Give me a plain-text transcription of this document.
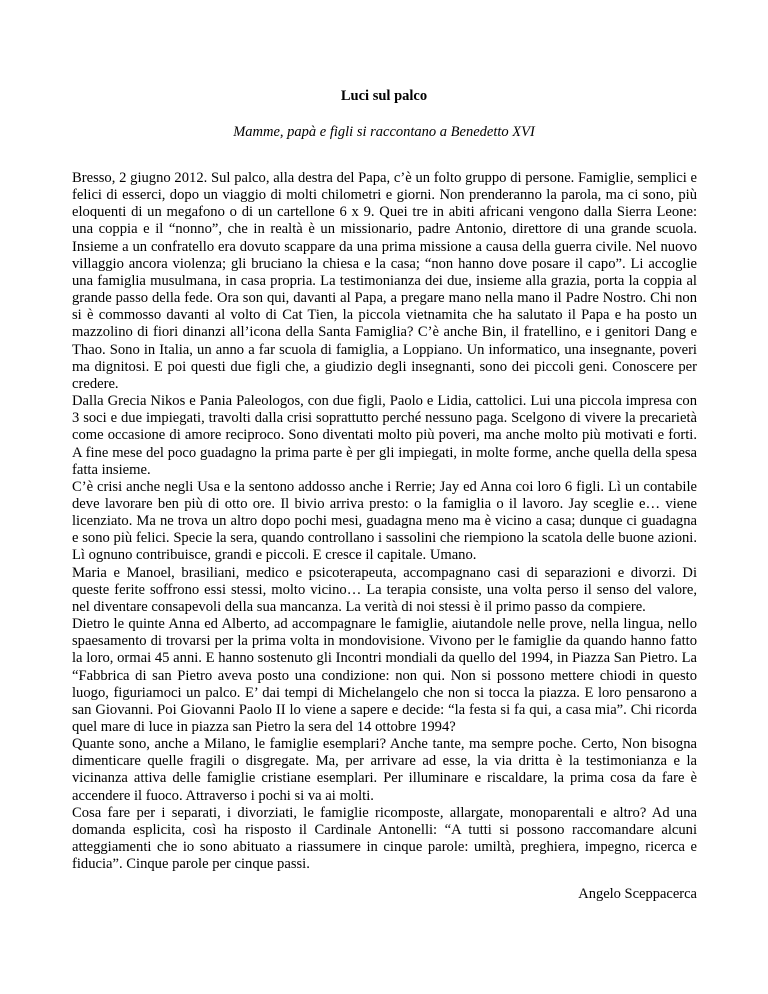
Luci sul palco
Mamme, papà e figli si raccontano a Benedetto XVI

Bresso, 2 giugno 2012. Sul palco, alla destra del Papa, c’è un folto gruppo di persone. Famiglie, semplici e felici di esserci, dopo un viaggio di molti chilometri e giorni. Non prenderanno la parola, ma ci sono, più eloquenti di un megafono o di un cartellone 6 x 9. Quei tre in abiti africani vengono dalla Sierra Leone: una coppia e il “nonno”, che in realtà è un missionario, padre Antonio, direttore di una grande scuola. Insieme a un confratello era dovuto scappare da una prima missione a causa della guerra civile. Nel nuovo villaggio ancora violenza; gli bruciano la chiesa e la casa; “non hanno dove posare il capo”. Li accoglie una famiglia musulmana, in casa propria. La testimonianza dei due, insieme alla grazia, porta la coppia al grande passo della fede. Ora son qui, davanti al Papa, a pregare mano nella mano il Padre Nostro. Chi non si è commosso davanti al volto di Cat Tien, la piccola vietnamita che ha salutato il Papa e ha posto un mazzolino di fiori dinanzi all’icona della Santa Famiglia? C’è anche Bin, il fratellino, e i genitori Dang e Thao. Sono in Italia, un anno a far scuola di famiglia, a Loppiano. Un informatico, una insegnante, poveri ma dignitosi. E poi questi due figli che, a giudizio degli insegnanti, sono dei piccoli geni. Conoscere per credere.

Dalla Grecia Nikos e Pania Paleologos, con due figli, Paolo e Lidia, cattolici. Lui una piccola impresa con 3 soci e due impiegati, travolti dalla crisi soprattutto perché nessuno paga. Scelgono di vivere la precarietà come occasione di amore reciproco. Sono diventati molto più poveri, ma anche molto più motivati e forti. A fine mese del poco guadagno la prima parte è per gli impiegati, in molte forme, anche quella della spesa fatta insieme.

C’è crisi anche negli Usa e la sentono addosso anche i Rerrie; Jay ed Anna coi loro 6 figli. Lì un contabile deve lavorare ben più di otto ore. Il bivio arriva presto: o la famiglia o il lavoro. Jay sceglie e… viene licenziato. Ma ne trova un altro dopo pochi mesi, guadagna meno ma è vicino a casa; dunque ci guadagna e sono più felici. Specie la sera, quando controllano i sassolini che riempiono la scatola delle buone azioni. Lì ognuno contribuisce, grandi e piccoli. E cresce il capitale. Umano.

Maria e Manoel, brasiliani, medico e psicoterapeuta, accompagnano casi di separazioni e divorzi. Di queste ferite soffrono essi stessi, molto vicino… La terapia consiste, una volta perso il senso del valore, nel diventare consapevoli della sua mancanza. La verità di noi stessi è il primo passo da compiere.

Dietro le quinte Anna ed Alberto, ad accompagnare le famiglie, aiutandole nelle prove, nella lingua, nello spaesamento di trovarsi per la prima volta in mondovisione. Vivono per le famiglie da quando hanno fatto la loro, ormai 45 anni. E hanno sostenuto gli Incontri mondiali da quello del 1994, in Piazza San Pietro. La “Fabbrica di san Pietro aveva posto una condizione: non qui. Non si possono mettere chiodi in questo luogo, figuriamoci un palco. E’ dai tempi di Michelangelo che non si tocca la piazza. E loro pensarono a san Giovanni. Poi Giovanni Paolo II lo viene a sapere e decide: “la festa si fa qui, a casa mia”. Chi ricorda quel mare di luce in piazza san Pietro la sera del 14 ottobre 1994?

Quante sono, anche a Milano, le famiglie esemplari? Anche tante, ma sempre poche. Certo, Non bisogna dimenticare quelle fragili o disgregate. Ma, per arrivare ad esse, la via dritta è la testimonianza e la vicinanza attiva delle famiglie cristiane esemplari. Per illuminare e riscaldare, la prima cosa da fare è accendere il fuoco. Attraverso i pochi si va ai molti.

Cosa fare per i separati, i divorziati, le famiglie ricomposte, allargate, monoparentali e altro? Ad una domanda esplicita, così ha risposto il Cardinale Antonelli: “A tutti si possono raccomandare alcuni atteggiamenti che io sono abituato a riassumere in cinque parole: umiltà, preghiera, impegno, ricerca e fiducia”. Cinque parole per cinque passi.

Angelo Sceppacerca
